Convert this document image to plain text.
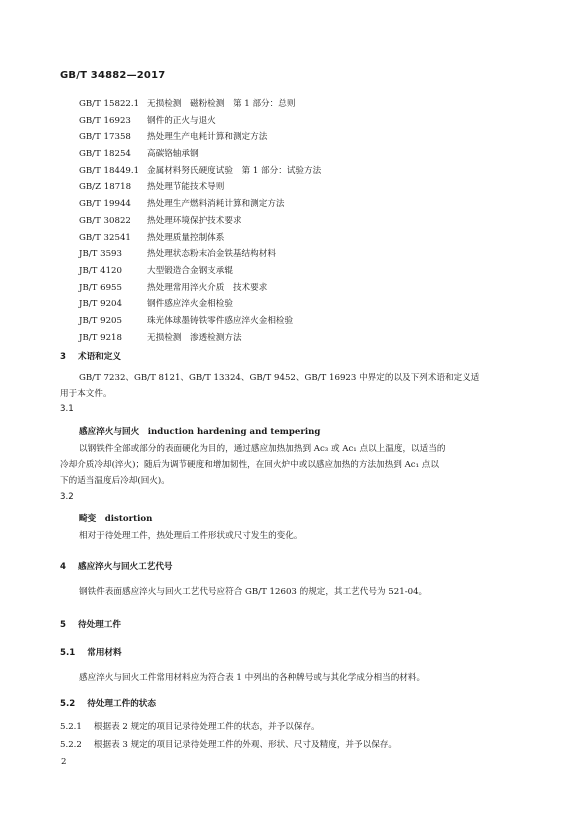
GB/T 34882—2017
GB/T 15822.1 无损检测　磁粉检测　第 1 部分：总则
GB/T 16923	钢件的正火与退火
GB/T 17358	热处理生产电耗计算和测定方法
GB/T 18254	高碳铬轴承钢
GB/T 18449.1 金属材料努氏硬度试验　第 1 部分：试验方法
GB/Z 18718	热处理节能技术导则
GB/T 19944	热处理生产燃料消耗计算和测定方法
GB/T 30822	热处理环境保护技术要求
GB/T 32541	热处理质量控制体系
JB/T 3593	热处理状态粉末冶金铁基结构材料
JB/T 4120	大型锻造合金钢支承辊
JB/T 6955	热处理常用淬火介质　技术要求
JB/T 9204	钢件感应淬火金相检验
JB/T 9205	珠光体球墨铸铁零件感应淬火金相检验
JB/T 9218	无损检测　渗透检测方法
3 术语和定义
GB/T 7232、GB/T 8121、GB/T 13324、GB/T 9452、GB/T 16923 中界定的以及下列术语和定义适
用于本文件。
3.1
感应淬火与回火　induction hardening and tempering
以钢铁件全部或部分的表面硬化为目的，通过感应加热加热到 Ac₃ 或 Ac₁ 点以上温度，以适当的
冷却介质冷却(淬火)；随后为调节硬度和增加韧性，在回火炉中或以感应加热的方法加热到 Ac₁ 点以
下的适当温度后冷却(回火)。
3.2
畸变　distortion
相对于待处理工件，热处理后工件形状或尺寸发生的变化。
4 感应淬火与回火工艺代号
钢铁件表面感应淬火与回火工艺代号应符合 GB/T 12603 的规定，其工艺代号为 521-04。
5 待处理工件
5.1 常用材料
感应淬火与回火工件常用材料应为符合表 1 中列出的各种牌号或与其化学成分相当的材料。
5.2 待处理工件的状态
5.2.1 根据表 2 规定的项目记录待处理工件的状态，并予以保存。
5.2.2 根据表 3 规定的项目记录待处理工件的外观、形状、尺寸及精度，并予以保存。
2
